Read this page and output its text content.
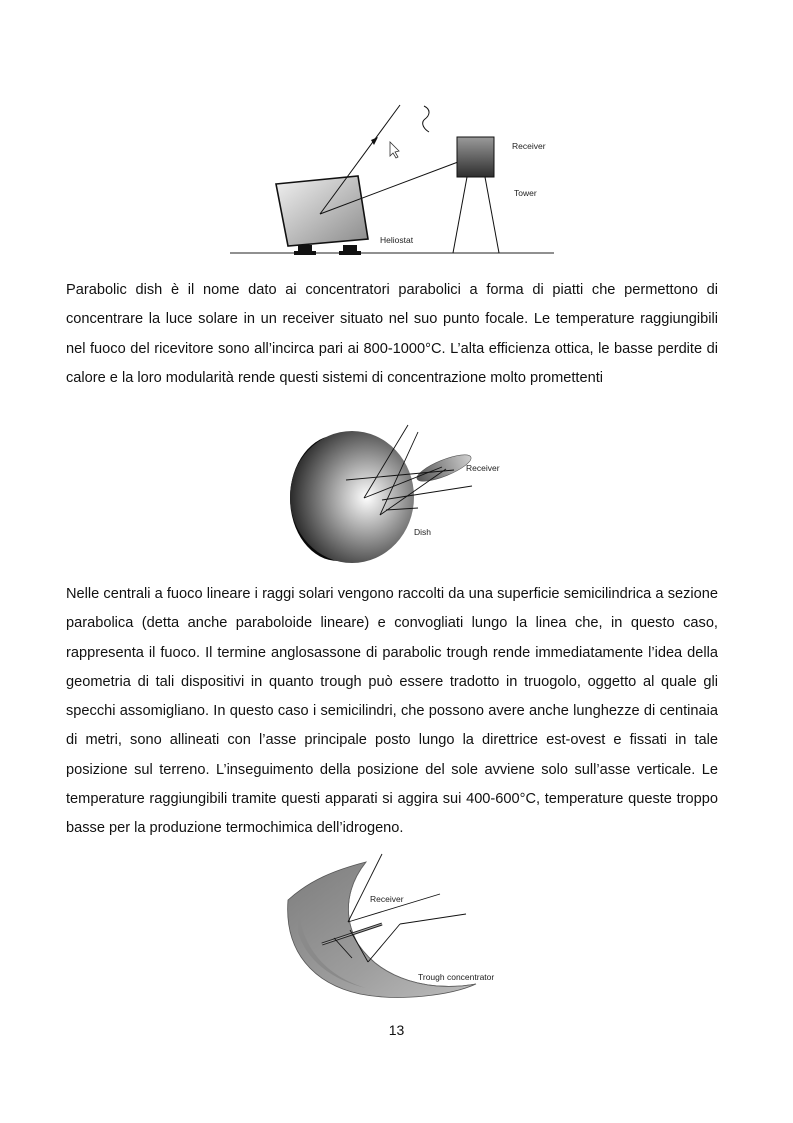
Receiver
Tower
Heliostat

Parabolic dish è il nome dato ai concentratori parabolici a forma di piatti che permettono di concentrare la luce solare in un receiver situato nel suo punto focale. Le temperature raggiungibili nel fuoco del ricevitore sono all’incirca pari ai 800-1000°C. L’alta efficienza ottica, le basse perdite di calore e la loro modularità rende questi sistemi di concentrazione molto promettenti

Receiver
Dish

Nelle centrali a fuoco lineare i raggi solari vengono raccolti da una superficie semicilindrica a sezione parabolica (detta anche paraboloide lineare) e convogliati lungo la linea che, in questo caso, rappresenta il fuoco. Il termine anglosassone di parabolic trough rende immediatamente l’idea della geometria di tali dispositivi in quanto trough può essere tradotto in truogolo, oggetto al quale gli specchi assomigliano. In questo caso i semicilindri, che possono avere anche lunghezze di centinaia di metri, sono allineati con l’asse principale posto lungo la direttrice est-ovest e fissati in tale posizione sul terreno. L’inseguimento della posizione del sole avviene solo sull’asse verticale. Le temperature raggiungibili tramite questi apparati si aggira sui 400-600°C, temperature queste troppo basse per la produzione termochimica dell’idrogeno.

Receiver
Trough concentrator
13
